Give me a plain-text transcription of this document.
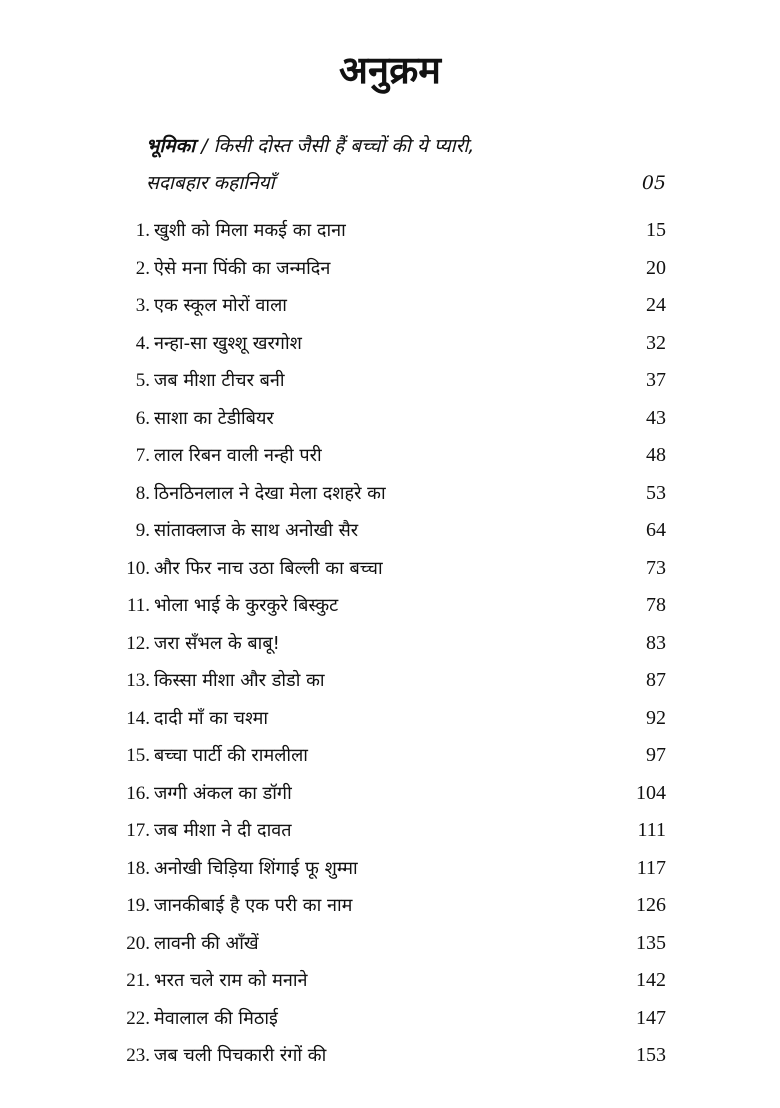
अनुक्रम
भूमिका / किसी दोस्त जैसी हैं बच्चों की ये प्यारी,
सदाबहार कहानियाँ	05
1. खुशी को मिला मकई का दाना	15
2. ऐसे मना पिंकी का जन्मदिन	20
3. एक स्कूल मोरों वाला	24
4. नन्हा-सा खुश्शू खरगोश	32
5. जब मीशा टीचर बनी	37
6. साशा का टेडीबियर	43
7. लाल रिबन वाली नन्ही परी	48
8. ठिनठिनलाल ने देखा मेला दशहरे का	53
9. सांताक्लाज के साथ अनोखी सैर	64
10. और फिर नाच उठा बिल्ली का बच्चा	73
11. भोला भाई के कुरकुरे बिस्कुट	78
12. जरा सँभल के बाबू!	83
13. किस्सा मीशा और डोडो का	87
14. दादी माँ का चश्मा	92
15. बच्चा पार्टी की रामलीला	97
16. जग्गी अंकल का डॉगी	104
17. जब मीशा ने दी दावत	111
18. अनोखी चिड़िया शिंगाई फू शुम्मा	117
19. जानकीबाई है एक परी का नाम	126
20. लावनी की आँखें	135
21. भरत चले राम को मनाने	142
22. मेवालाल की मिठाई	147
23. जब चली पिचकारी रंगों की	153
